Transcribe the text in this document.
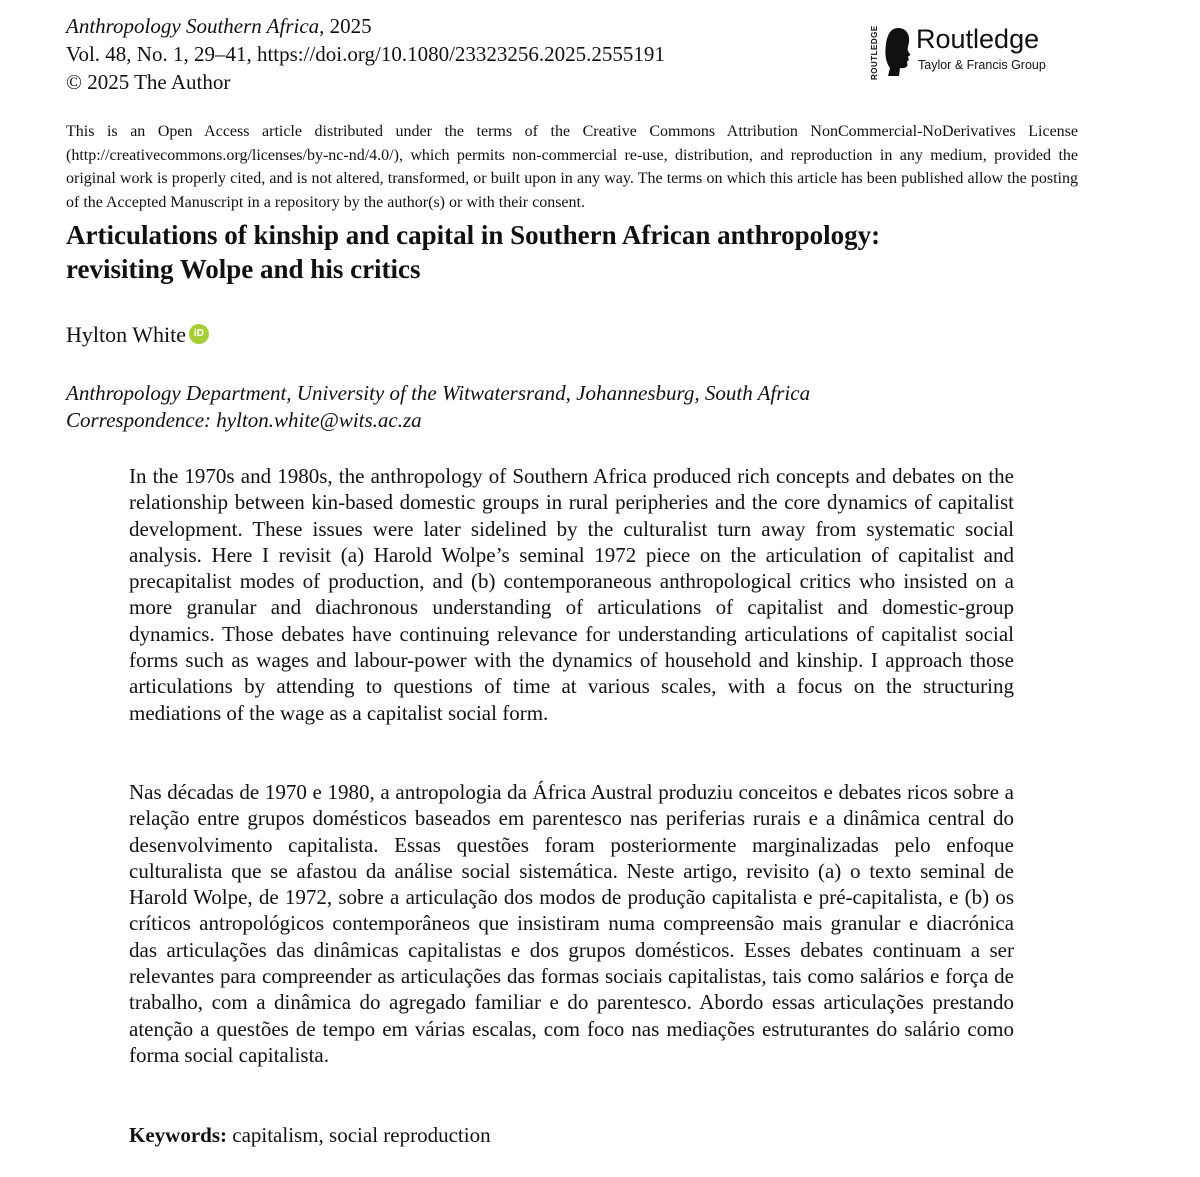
Anthropology Southern Africa, 2025
Vol. 48, No. 1, 29–41, https://doi.org/10.1080/23323256.2025.2555191
© 2025 The Author
ROUTLEDGE Routledge
Taylor & Francis Group
This is an Open Access article distributed under the terms of the Creative Commons Attribution NonCommercial-NoDerivatives License (http://creativecommons.org/licenses/by-nc-nd/4.0/), which permits non-commercial re-use, distribution, and reproduction in any medium, provided the original work is properly cited, and is not altered, transformed, or built upon in any way. The terms on which this article has been published allow the posting of the Accepted Manuscript in a repository by the author(s) or with their consent.
Articulations of kinship and capital in Southern African anthropology:
revisiting Wolpe and his critics
Hylton White iD
Anthropology Department, University of the Witwatersrand, Johannesburg, South Africa
Correspondence: hylton.white@wits.ac.za

In the 1970s and 1980s, the anthropology of Southern Africa produced rich concepts and debates on the relationship between kin-based domestic groups in rural peripheries and the core dynamics of capitalist development. These issues were later sidelined by the culturalist turn away from systematic social analysis. Here I revisit (a) Harold Wolpe’s seminal 1972 piece on the articulation of capitalist and precapitalist modes of production, and (b) contemporaneous anthropological critics who insisted on a more granular and diachronous understanding of articulations of capitalist and domestic-group dynamics. Those debates have continuing relevance for understanding articulations of capitalist social forms such as wages and labour-power with the dynamics of household and kinship. I approach those articulations by attending to questions of time at various scales, with a focus on the structuring mediations of the wage as a capitalist social form.

Nas décadas de 1970 e 1980, a antropologia da África Austral produziu conceitos e debates ricos sobre a relação entre grupos domésticos baseados em parentesco nas periferias rurais e a dinâmica central do desenvolvimento capitalista. Essas questões foram posteriormente marginalizadas pelo enfoque culturalista que se afastou da análise social sistemática. Neste artigo, revisito (a) o texto seminal de Harold Wolpe, de 1972, sobre a articulação dos modos de produção capitalista e pré-capitalista, e (b) os críticos antropológicos contemporâneos que insistiram numa compreensão mais granular e diacrónica das articulações das dinâmicas capitalistas e dos grupos domésticos. Esses debates continuam a ser relevantes para compreender as articulações das formas sociais capitalistas, tais como salários e força de trabalho, com a dinâmica do agregado familiar e do parentesco. Abordo essas articulações prestando atenção a questões de tempo em várias escalas, com foco nas mediações estruturantes do salário como forma social capitalista.

Keywords: capitalism, social reproduction
